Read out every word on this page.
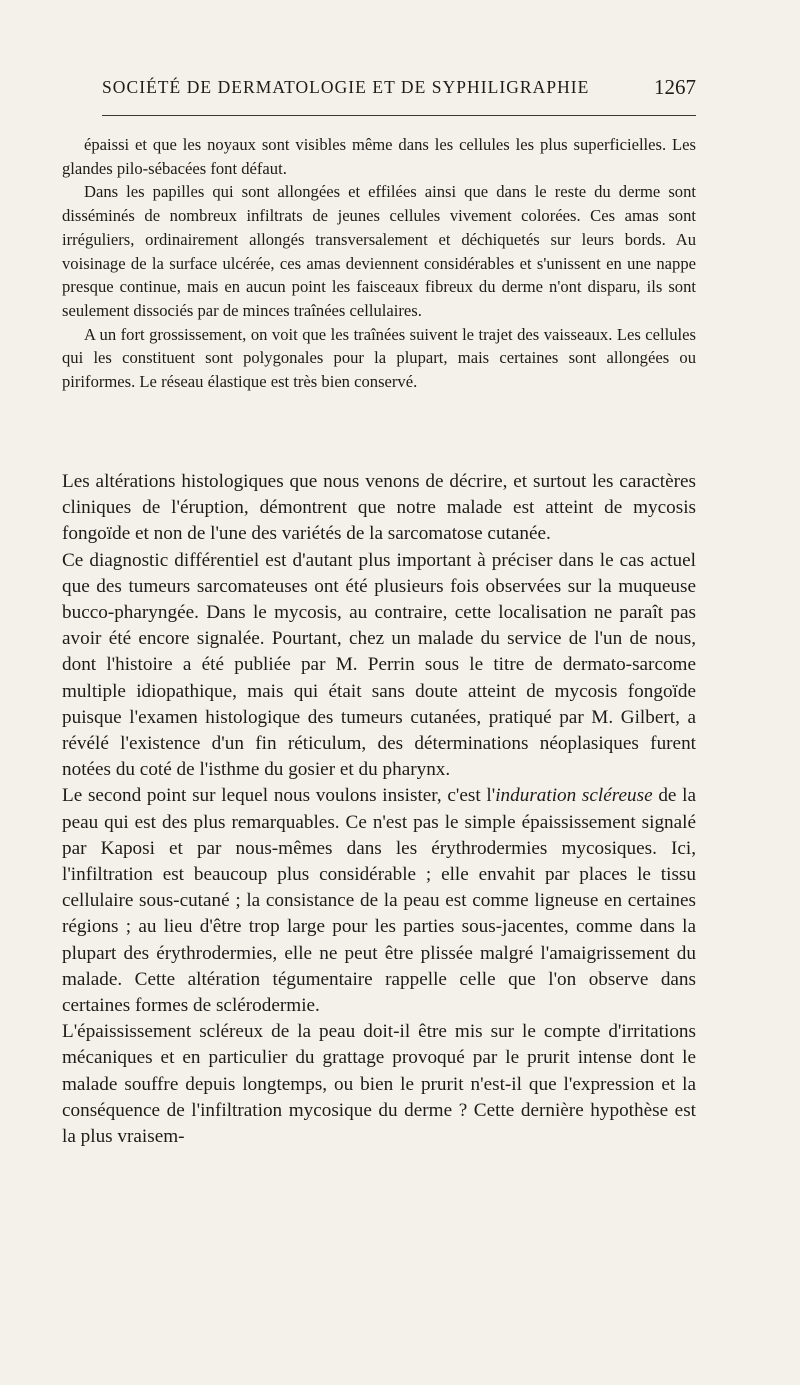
SOCIÉTÉ DE DERMATOLOGIE ET DE SYPHILIGRAPHIE	1267

épaissi et que les noyaux sont visibles même dans les cellules les plus superficielles. Les glandes pilo-sébacées font défaut.

Dans les papilles qui sont allongées et effilées ainsi que dans le reste du derme sont disséminés de nombreux infiltrats de jeunes cellules vivement colorées. Ces amas sont irréguliers, ordinairement allongés transversalement et déchiquetés sur leurs bords. Au voisinage de la surface ulcérée, ces amas deviennent considérables et s'unissent en une nappe presque continue, mais en aucun point les faisceaux fibreux du derme n'ont disparu, ils sont seulement dissociés par de minces traînées cellulaires.

A un fort grossissement, on voit que les traînées suivent le trajet des vaisseaux. Les cellules qui les constituent sont polygonales pour la plupart, mais certaines sont allongées ou piriformes. Le réseau élastique est très bien conservé.

Les altérations histologiques que nous venons de décrire, et surtout les caractères cliniques de l'éruption, démontrent que notre malade est atteint de mycosis fongoïde et non de l'une des variétés de la sarcomatose cutanée.

Ce diagnostic différentiel est d'autant plus important à préciser dans le cas actuel que des tumeurs sarcomateuses ont été plusieurs fois observées sur la muqueuse bucco-pharyngée. Dans le mycosis, au contraire, cette localisation ne paraît pas avoir été encore signalée. Pourtant, chez un malade du service de l'un de nous, dont l'histoire a été publiée par M. Perrin sous le titre de dermato-sarcome multiple idiopathique, mais qui était sans doute atteint de mycosis fongoïde puisque l'examen histologique des tumeurs cutanées, pratiqué par M. Gilbert, a révélé l'existence d'un fin réticulum, des déterminations néoplasiques furent notées du coté de l'isthme du gosier et du pharynx.

Le second point sur lequel nous voulons insister, c'est l'induration scléreuse de la peau qui est des plus remarquables. Ce n'est pas le simple épaississement signalé par Kaposi et par nous-mêmes dans les érythrodermies mycosiques. Ici, l'infiltration est beaucoup plus considérable ; elle envahit par places le tissu cellulaire sous-cutané ; la consistance de la peau est comme ligneuse en certaines régions ; au lieu d'être trop large pour les parties sous-jacentes, comme dans la plupart des érythrodermies, elle ne peut être plissée malgré l'amaigrissement du malade. Cette altération tégumentaire rappelle celle que l'on observe dans certaines formes de sclérodermie.

L'épaississement scléreux de la peau doit-il être mis sur le compte d'irritations mécaniques et en particulier du grattage provoqué par le prurit intense dont le malade souffre depuis longtemps, ou bien le prurit n'est-il que l'expression et la conséquence de l'infiltration mycosique du derme ? Cette dernière hypothèse est la plus vraisem-
